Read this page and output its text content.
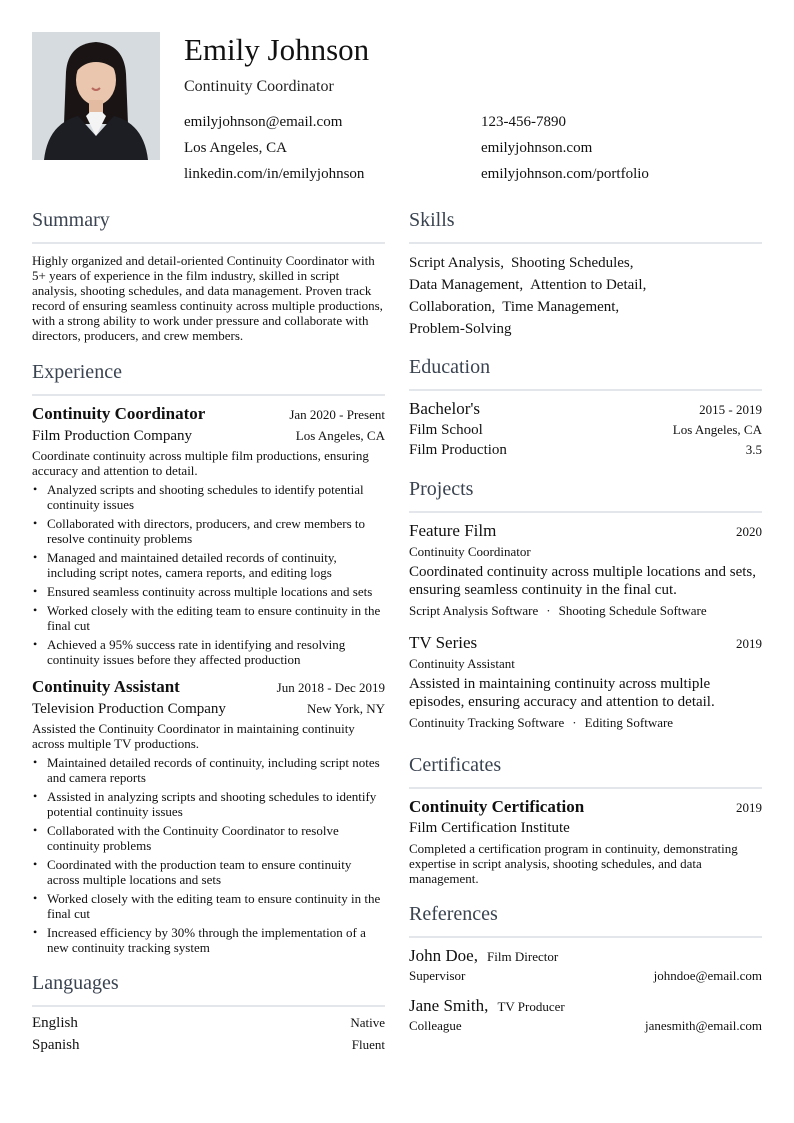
Emily Johnson
Continuity Coordinator
emilyjohnson@email.com	123-456-7890
Los Angeles, CA	emilyjohnson.com
linkedin.com/in/emilyjohnson	emilyjohnson.com/portfolio
Summary
Highly organized and detail-oriented Continuity Coordinator with 5+ years of experience in the film industry, skilled in script analysis, shooting schedules, and data management. Proven track record of ensuring seamless continuity across multiple productions, with a strong ability to work under pressure and collaborate with directors, producers, and crew members.
Experience
Continuity Coordinator	Jan 2020 - Present
Film Production Company	Los Angeles, CA
Coordinate continuity across multiple film productions, ensuring accuracy and attention to detail.
• Analyzed scripts and shooting schedules to identify potential continuity issues
• Collaborated with directors, producers, and crew members to resolve continuity problems
• Managed and maintained detailed records of continuity, including script notes, camera reports, and editing logs
• Ensured seamless continuity across multiple locations and sets
• Worked closely with the editing team to ensure continuity in the final cut
• Achieved a 95% success rate in identifying and resolving continuity issues before they affected production
Continuity Assistant	Jun 2018 - Dec 2019
Television Production Company	New York, NY
Assisted the Continuity Coordinator in maintaining continuity across multiple TV productions.
• Maintained detailed records of continuity, including script notes and camera reports
• Assisted in analyzing scripts and shooting schedules to identify potential continuity issues
• Collaborated with the Continuity Coordinator to resolve continuity problems
• Coordinated with the production team to ensure continuity across multiple locations and sets
• Worked closely with the editing team to ensure continuity in the final cut
• Increased efficiency by 30% through the implementation of a new continuity tracking system
Languages
English	Native
Spanish	Fluent
Skills
Script Analysis, Shooting Schedules,
Data Management, Attention to Detail,
Collaboration, Time Management,
Problem-Solving
Education
Bachelor's	2015 - 2019
Film School	Los Angeles, CA
Film Production	3.5
Projects
Feature Film	2020
Continuity Coordinator
Coordinated continuity across multiple locations and sets, ensuring seamless continuity in the final cut.
Script Analysis Software · Shooting Schedule Software
TV Series	2019
Continuity Assistant
Assisted in maintaining continuity across multiple episodes, ensuring accuracy and attention to detail.
Continuity Tracking Software · Editing Software
Certificates
Continuity Certification	2019
Film Certification Institute
Completed a certification program in continuity, demonstrating expertise in script analysis, shooting schedules, and data management.
References
John Doe, Film Director
Supervisor	johndoe@email.com
Jane Smith, TV Producer
Colleague	janesmith@email.com
